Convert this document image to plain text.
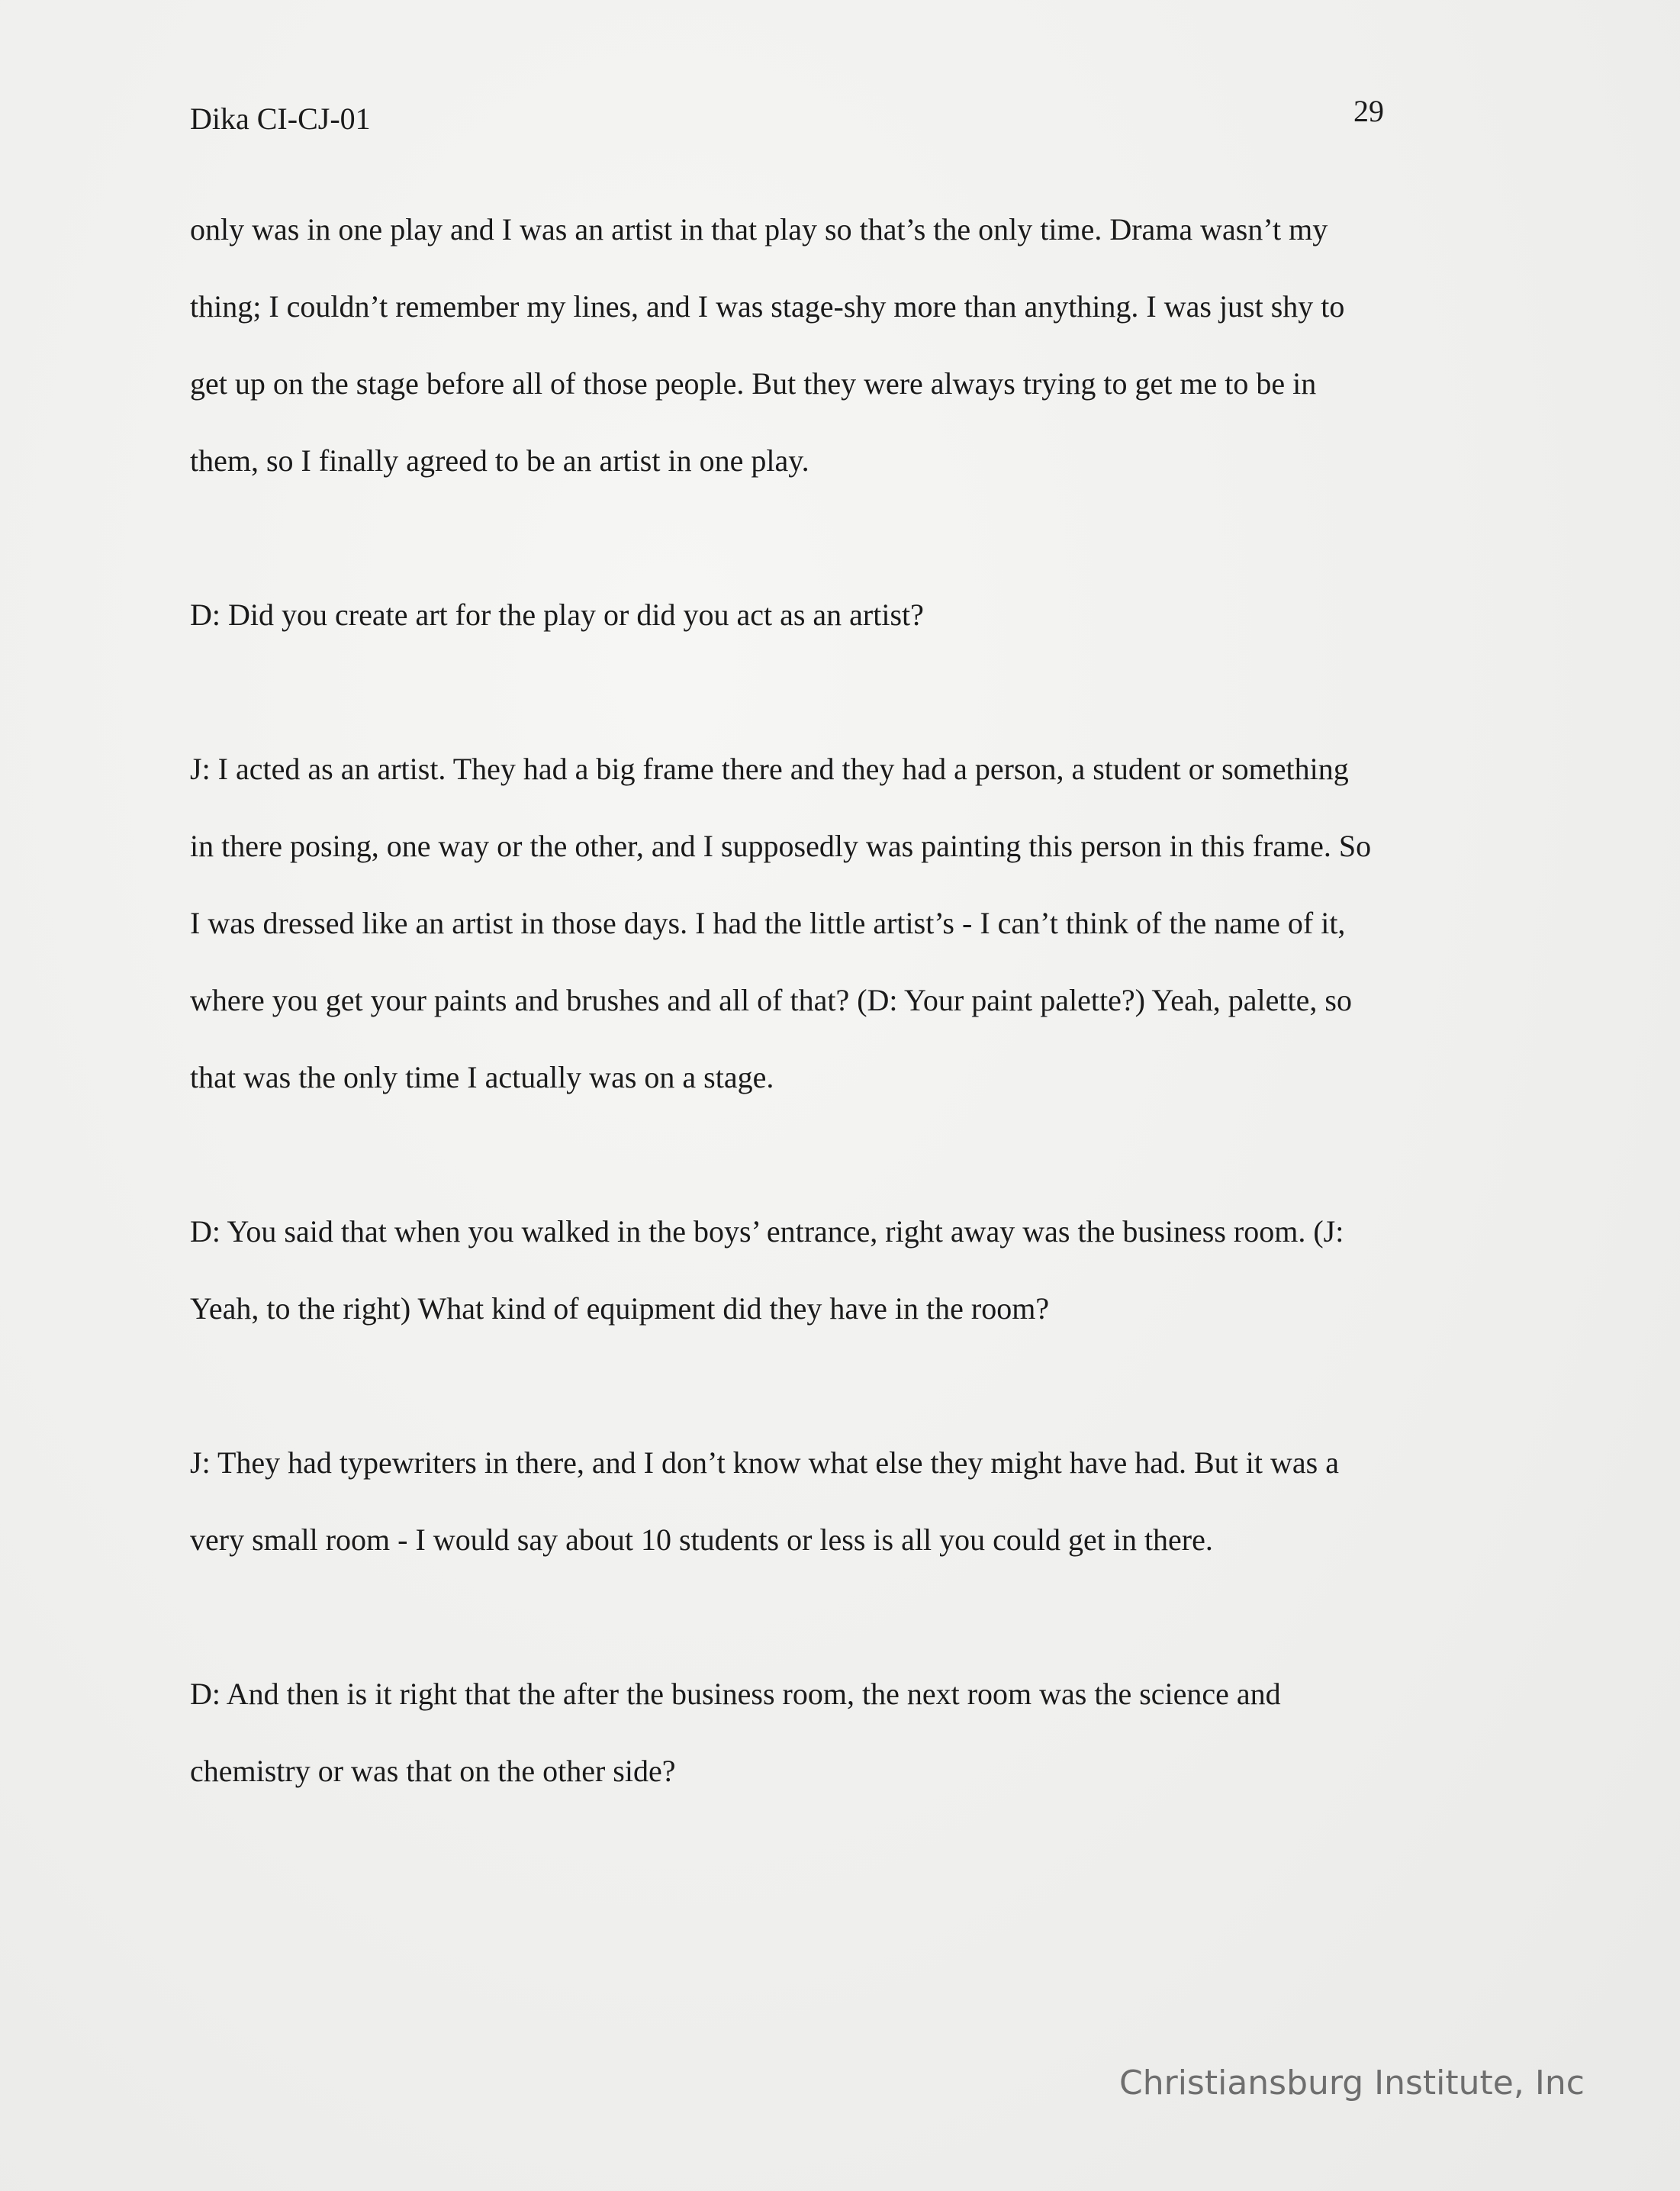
Dika CI-CJ-01	29
only was in one play and I was an artist in that play so that’s the only time. Drama wasn’t my
thing; I couldn’t remember my lines, and I was stage-shy more than anything. I was just shy to
get up on the stage before all of those people. But they were always trying to get me to be in
them, so I finally agreed to be an artist in one play.
D: Did you create art for the play or did you act as an artist?
J: I acted as an artist. They had a big frame there and they had a person, a student or something
in there posing, one way or the other, and I supposedly was painting this person in this frame. So
I was dressed like an artist in those days. I had the little artist’s - I can’t think of the name of it,
where you get your paints and brushes and all of that? (D: Your paint palette?) Yeah, palette, so
that was the only time I actually was on a stage.
D: You said that when you walked in the boys’ entrance, right away was the business room. (J:
Yeah, to the right) What kind of equipment did they have in the room?
J: They had typewriters in there, and I don’t know what else they might have had. But it was a
very small room - I would say about 10 students or less is all you could get in there.
D: And then is it right that the after the business room, the next room was the science and
chemistry or was that on the other side?
Christiansburg Institute, Inc
